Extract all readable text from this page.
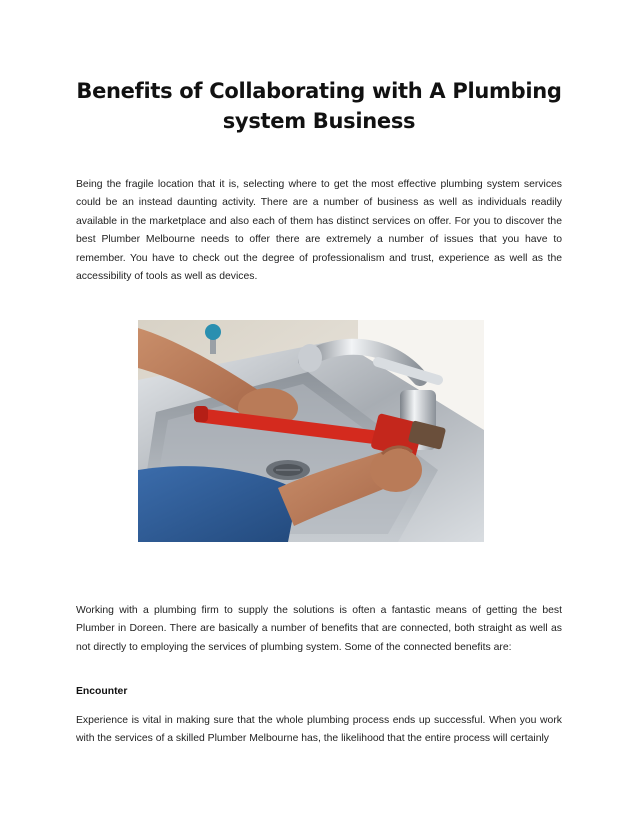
Benefits of Collaborating with A Plumbing system Business

Being the fragile location that it is, selecting where to get the most effective plumbing system services could be an instead daunting activity. There are a number of business as well as individuals readily available in the marketplace and also each of them has distinct services on offer. For you to discover the best Plumber Melbourne needs to offer there are extremely a number of issues that you have to remember. You have to check out the degree of professionalism and trust, experience as well as the accessibility of tools as well as devices.

Working with a plumbing firm to supply the solutions is often a fantastic means of getting the best Plumber in Doreen. There are basically a number of benefits that are connected, both straight as well as not directly to employing the services of plumbing system. Some of the connected benefits are:

Encounter

Experience is vital in making sure that the whole plumbing process ends up successful. When you work with the services of a skilled Plumber Melbourne has, the likelihood that the entire process will certainly
